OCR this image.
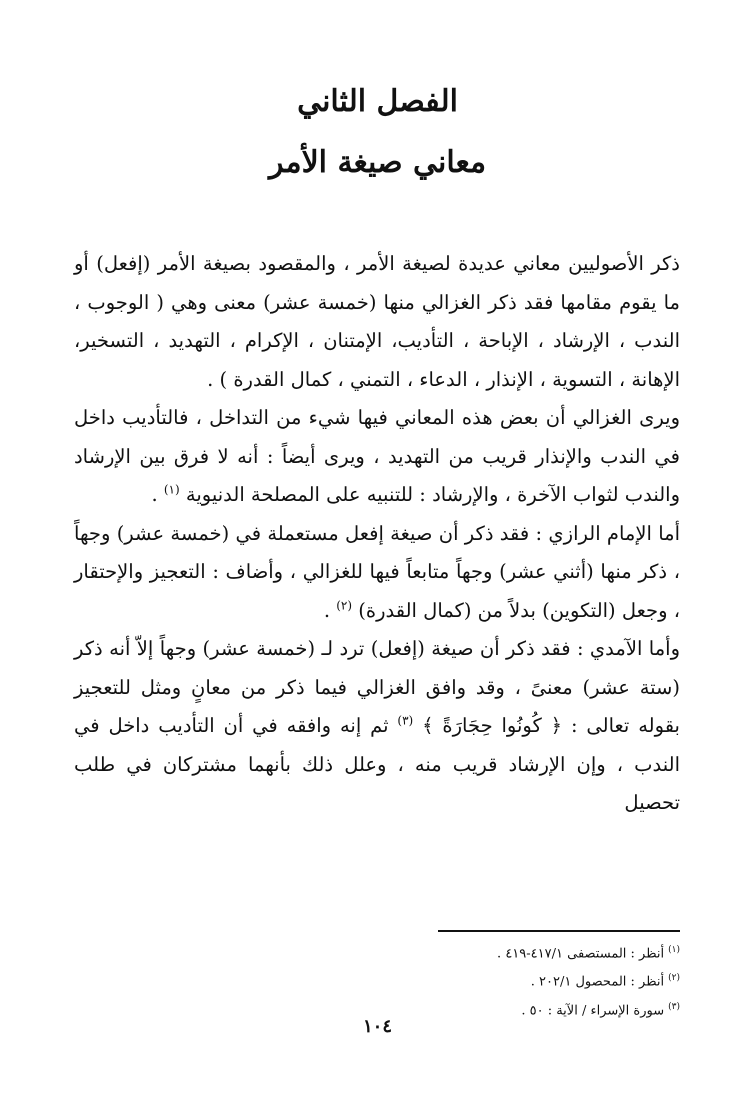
الفصل الثاني
معاني صيغة الأمر

ذكر الأصوليين معاني عديدة لصيغة الأمر ، والمقصود بصيغة الأمر (إفعل) أو ما يقوم مقامها فقد ذكر الغزالي منها (خمسة عشر) معنى وهي ( الوجوب ، الندب ، الإرشاد ، الإباحة ، التأديب، الإمتنان ، الإكرام ، التهديد ، التسخير، الإهانة ، التسوية ، الإنذار ، الدعاء ، التمني ، كمال القدرة ) .

ويرى الغزالي أن بعض هذه المعاني فيها شيء من التداخل ، فالتأديب داخل في الندب والإنذار قريب من التهديد ، ويرى أيضاً : أنه لا فرق بين الإرشاد والندب لثواب الآخرة ، والإرشاد : للتنبيه على المصلحة الدنيوية $^{(١)}$ .

أما الإمام الرازي : فقد ذكر أن صيغة إفعل مستعملة في (خمسة عشر) وجهاً ، ذكر منها (أثني عشر) وجهاً متابعاً فيها للغزالي ، وأضاف : التعجيز والإحتقار ، وجعل (التكوين) بدلاً من (كمال القدرة) $^{(٢)}$ .

وأما الآمدي : فقد ذكر أن صيغة (إفعل) ترد لـ (خمسة عشر) وجهاً إلاّ أنه ذكر (ستة عشر) معنىً ، وقد وافق الغزالي فيما ذكر من معانٍ ومثل للتعجيز بقوله تعالى : ﴿ كُونُوا حِجَارَةً ﴾ $^{(٣)}$ ثم إنه وافقه في أن التأديب داخل في الندب ، وإن الإرشاد قريب منه ، وعلل ذلك بأنهما مشتركان في طلب تحصيل

$^{(١)}$أنظر : المستصفى ٤١٧/١-٤١٩ .

$^{(٢)}$أنظر : المحصول ٢٠٢/١ .

$^{(٣)}$سورة الإسراء / الآية : ٥٠ .

١٠٤
